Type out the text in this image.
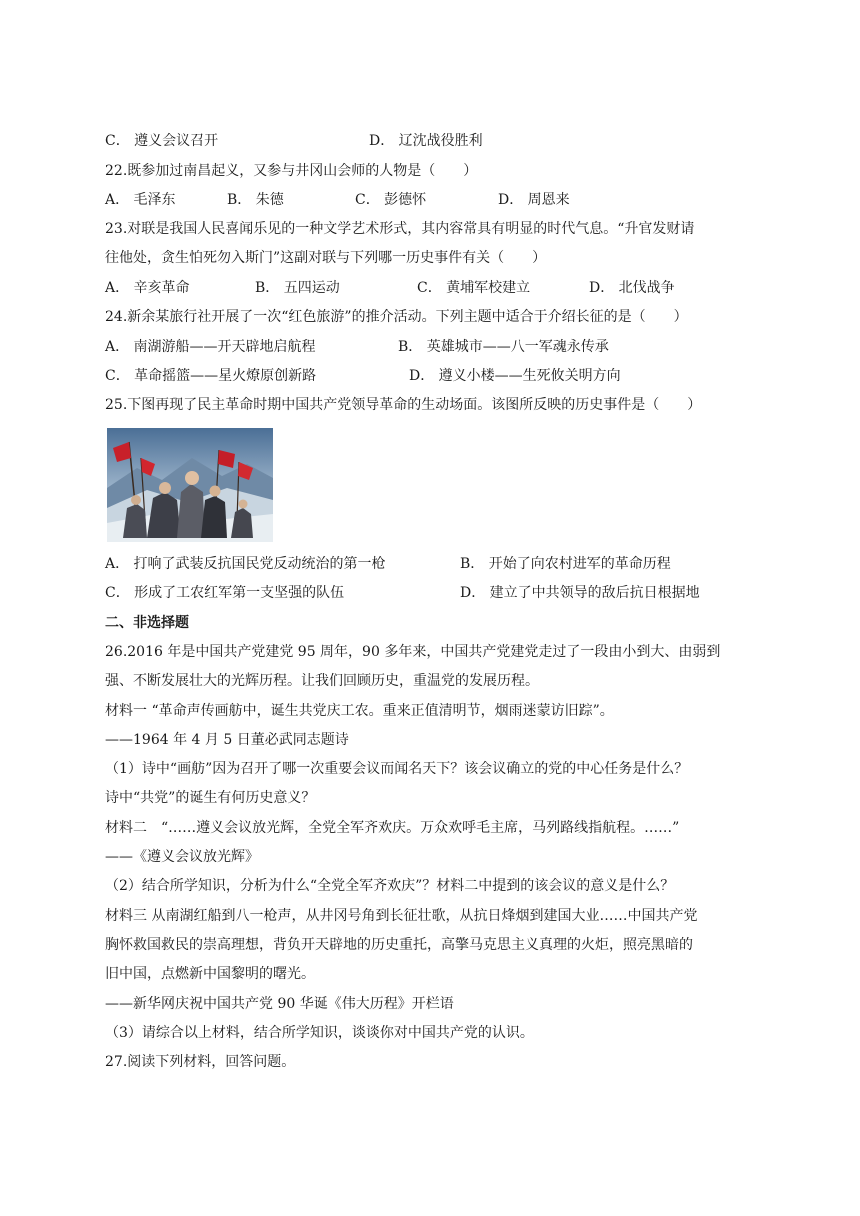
C． 遵义会议召开	D． 辽沈战役胜利
22.既参加过南昌起义，又参与井冈山会师的人物是（　　）
A． 毛泽东	B． 朱德	C． 彭德怀	D． 周恩来
23.对联是我国人民喜闻乐见的一种文学艺术形式，其内容常具有明显的时代气息。“升官发财请
往他处，贪生怕死勿入斯门”这副对联与下列哪一历史事件有关（　　）
A． 辛亥革命	B． 五四运动	C． 黄埔军校建立	D． 北伐战争
24.新余某旅行社开展了一次“红色旅游”的推介活动。下列主题中适合于介绍长征的是（　　）
A． 南湖游船——开天辟地启航程	B． 英雄城市——八一军魂永传承
C． 革命摇篮——星火燎原创新路	D． 遵义小楼——生死攸关明方向
25.下图再现了民主革命时期中国共产党领导革命的生动场面。该图所反映的历史事件是（　　）
A． 打响了武装反抗国民党反动统治的第一枪	B． 开始了向农村进军的革命历程
C． 形成了工农红军第一支坚强的队伍	D． 建立了中共领导的敌后抗日根据地
二、非选择题
26.2016 年是中国共产党建党 95 周年，90 多年来，中国共产党建党走过了一段由小到大、由弱到
强、不断发展壮大的光辉历程。让我们回顾历史，重温党的发展历程。
材料一 “革命声传画舫中，诞生共党庆工农。重来正值清明节，烟雨迷蒙访旧踪”。
——1964 年 4 月 5 日董必武同志题诗
（1）诗中“画舫”因为召开了哪一次重要会议而闻名天下？该会议确立的党的中心任务是什么？
诗中“共党”的诞生有何历史意义？
材料二　“……遵义会议放光辉，全党全军齐欢庆。万众欢呼毛主席，马列路线指航程。……”
——《遵义会议放光辉》
（2）结合所学知识，分析为什么“全党全军齐欢庆”？材料二中提到的该会议的意义是什么？
材料三 从南湖红船到八一枪声，从井冈号角到长征壮歌，从抗日烽烟到建国大业……中国共产党
胸怀救国救民的崇高理想，背负开天辟地的历史重托，高擎马克思主义真理的火炬，照亮黑暗的
旧中国，点燃新中国黎明的曙光。
——新华网庆祝中国共产党 90 华诞《伟大历程》开栏语
（3）请综合以上材料，结合所学知识，谈谈你对中国共产党的认识。
27.阅读下列材料，回答问题。
